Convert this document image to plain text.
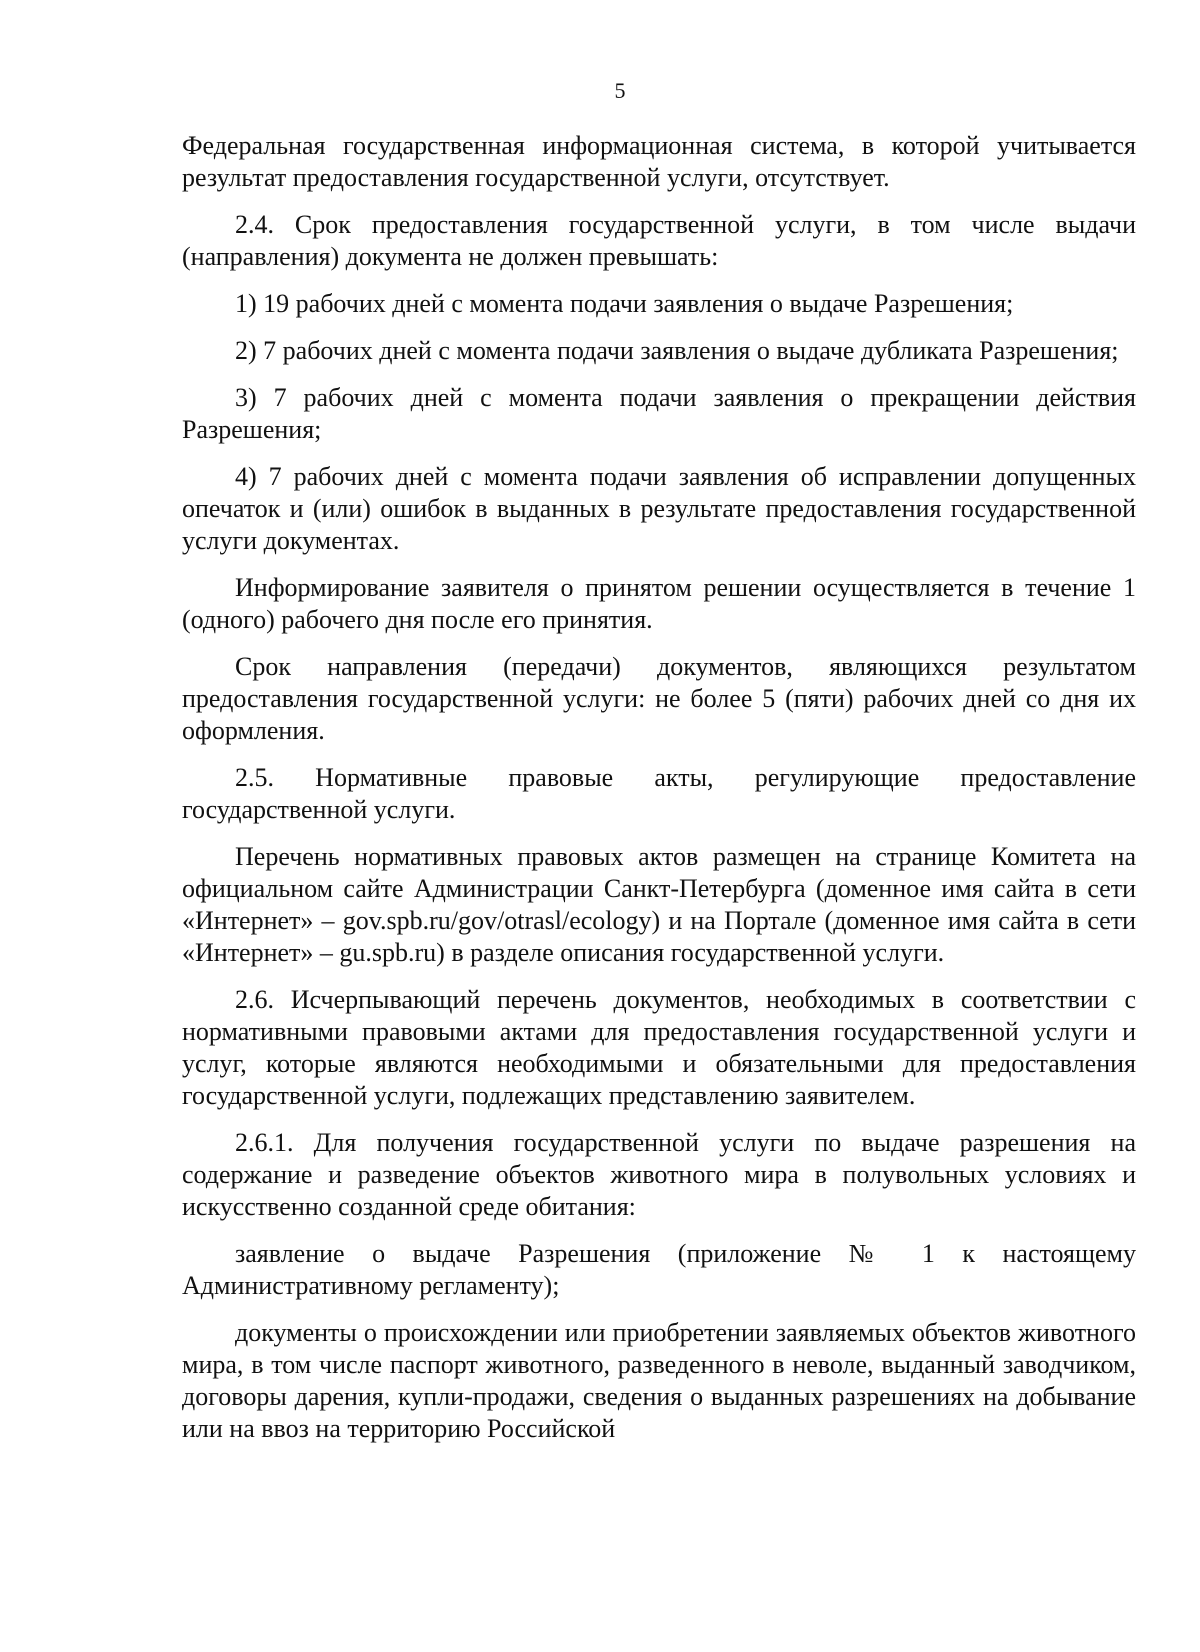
5

Федеральная государственная информационная система, в которой учитывается результат предоставления государственной услуги, отсутствует.

2.4. Срок предоставления государственной услуги, в том числе выдачи (направления) документа не должен превышать:

1) 19 рабочих дней с момента подачи заявления о выдаче Разрешения;

2) 7 рабочих дней с момента подачи заявления о выдаче дубликата Разрешения;

3) 7 рабочих дней с момента подачи заявления о прекращении действия Разрешения;

4) 7 рабочих дней с момента подачи заявления об исправлении допущенных опечаток и (или) ошибок в выданных в результате предоставления государственной услуги документах.

Информирование заявителя о принятом решении осуществляется в течение 1 (одного) рабочего дня после его принятия.

Срок направления (передачи) документов, являющихся результатом предоставления государственной услуги: не более 5 (пяти) рабочих дней со дня их оформления.

2.5. Нормативные правовые акты, регулирующие предоставление государственной услуги.

Перечень нормативных правовых актов размещен на странице Комитета на официальном сайте Администрации Санкт-Петербурга (доменное имя сайта в сети «Интернет» – gov.spb.ru/gov/otrasl/ecology) и на Портале (доменное имя сайта в сети «Интернет» – gu.spb.ru) в разделе описания государственной услуги.

2.6. Исчерпывающий перечень документов, необходимых в соответствии с нормативными правовыми актами для предоставления государственной услуги и услуг, которые являются необходимыми и обязательными для предоставления государственной услуги, подлежащих представлению заявителем.

2.6.1. Для получения государственной услуги по выдаче разрешения на содержание и разведение объектов животного мира в полувольных условиях и искусственно созданной среде обитания:

заявление о выдаче Разрешения (приложение № 1 к настоящему Административному регламенту);

документы о происхождении или приобретении заявляемых объектов животного мира, в том числе паспорт животного, разведенного в неволе, выданный заводчиком, договоры дарения, купли-продажи, сведения о выданных разрешениях на добывание или на ввоз на территорию Российской
